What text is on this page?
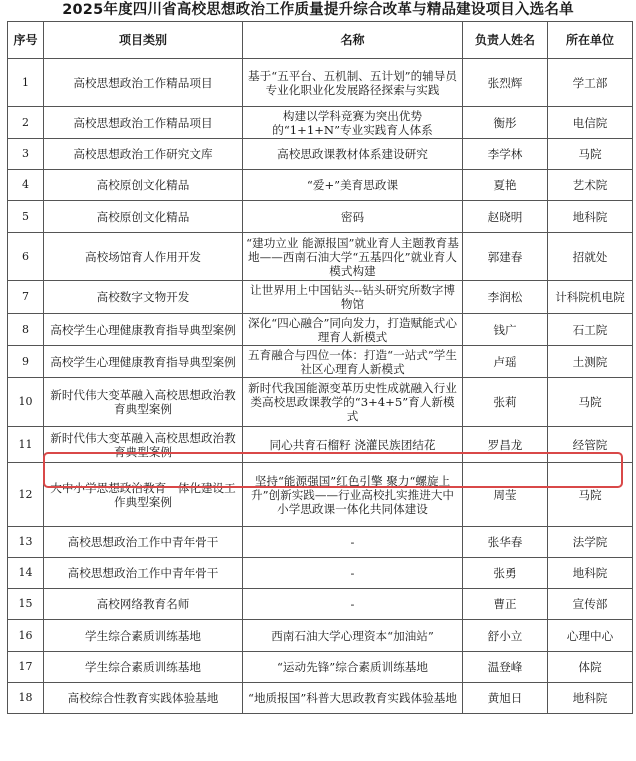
2025年度四川省高校思想政治工作质量提升综合改革与精品建设项目入选名单
序号	项目类别	名称	负责人姓名	所在单位
1	高校思想政治工作精品项目	基于“五平台、五机制、五计划”的辅导员专业化职业化发展路径探索与实践	张烈辉	学工部
2	高校思想政治工作精品项目	构建以学科竞赛为突出优势的“1+1+N”专业实践育人体系	衡彤	电信院
3	高校思想政治工作研究文库	高校思政课教材体系建设研究	李学林	马院
4	高校原创文化精品	“爱+”美育思政课	夏艳	艺术院
5	高校原创文化精品	密码	赵晓明	地科院
6	高校场馆育人作用开发	“建功立业 能源报国”就业育人主题教育基地——西南石油大学“五基四化”就业育人模式构建	郭建春	招就处
7	高校数字文物开发	让世界用上中国钻头--钻头研究所数字博物馆	李润松	计科院机电院
8	高校学生心理健康教育指导典型案例	深化“四心融合”同向发力，打造赋能式心理育人新模式	钱广	石工院
9	高校学生心理健康教育指导典型案例	五育融合与四位一体：打造“一站式”学生社区心理育人新模式	卢瑶	土测院
10	新时代伟大变革融入高校思想政治教育典型案例	新时代我国能源变革历史性成就融入行业类高校思政课教学的“3+4+5”育人新模式	张莉	马院
11	新时代伟大变革融入高校思想政治教育典型案例	同心共育石榴籽 浇灌民族团结花	罗昌龙	经管院
12	大中小学思想政治教育一体化建设工作典型案例	坚持“能源强国”红色引擎 聚力“螺旋上升”创新实践——行业高校扎实推进大中小学思政课一体化共同体建设	周莹	马院
13	高校思想政治工作中青年骨干	-	张华春	法学院
14	高校思想政治工作中青年骨干	-	张勇	地科院
15	高校网络教育名师	-	曹正	宣传部
16	学生综合素质训练基地	西南石油大学心理资本“加油站”	舒小立	心理中心
17	学生综合素质训练基地	“运动先锋”综合素质训练基地	温登峰	体院
18	高校综合性教育实践体验基地	“地质报国”科普大思政教育实践体验基地	黄旭日	地科院
